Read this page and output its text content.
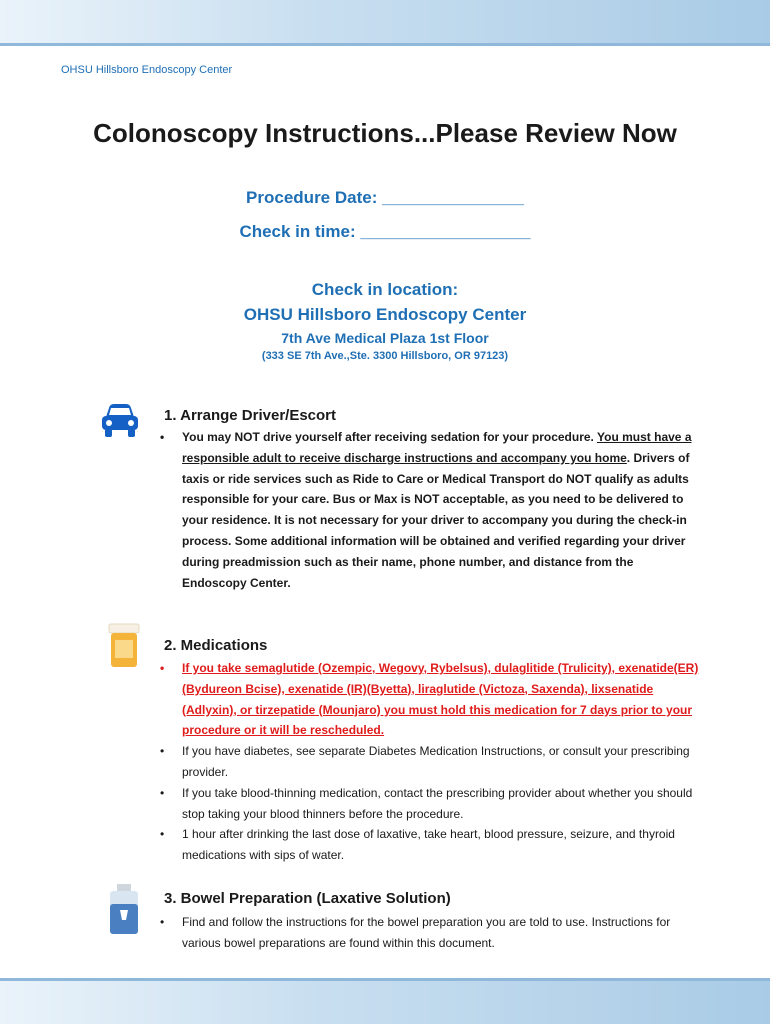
OHSU Hillsboro Endoscopy Center
Colonoscopy Instructions...Please Review Now
Procedure Date: _______________
Check in time: __________________
Check in location:
OHSU Hillsboro Endoscopy Center
7th Ave Medical Plaza 1st Floor
(333 SE 7th Ave.,Ste. 3300 Hillsboro, OR 97123)
1. Arrange Driver/Escort
• You may NOT drive yourself after receiving sedation for your procedure. You must have a responsible adult to receive discharge instructions and accompany you home. Drivers of taxis or ride services such as Ride to Care or Medical Transport do NOT qualify as adults responsible for your care. Bus or Max is NOT acceptable, as you need to be delivered to your residence. It is not necessary for your driver to accompany you during the check-in process. Some additional information will be obtained and verified regarding your driver during preadmission such as their name, phone number, and distance from the Endoscopy Center.
2. Medications
• If you take semaglutide (Ozempic, Wegovy, Rybelsus), dulaglitide (Trulicity), exenatide(ER)(Bydureon Bcise), exenatide (IR)(Byetta), liraglutide (Victoza, Saxenda), lixsenatide (Adlyxin), or tirzepatide (Mounjaro) you must hold this medication for 7 days prior to your procedure or it will be rescheduled.
• If you have diabetes, see separate Diabetes Medication Instructions, or consult your prescribing provider.
• If you take blood-thinning medication, contact the prescribing provider about whether you should stop taking your blood thinners before the procedure.
• 1 hour after drinking the last dose of laxative, take heart, blood pressure, seizure, and thyroid medications with sips of water.
3. Bowel Preparation (Laxative Solution)
• Find and follow the instructions for the bowel preparation you are told to use. Instructions for various bowel preparations are found within this document.
